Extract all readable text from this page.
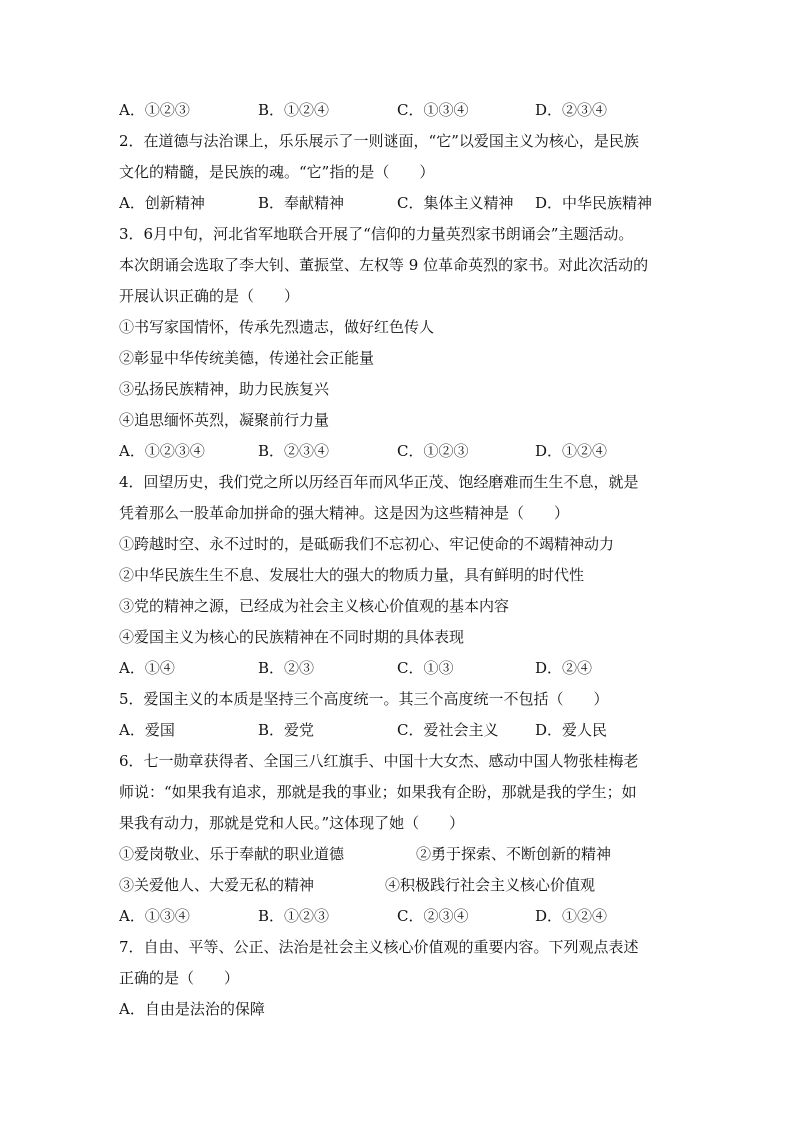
A．①②③	B．①②④	C．①③④	D．②③④
2．在道德与法治课上，乐乐展示了一则谜面，“它”以爱国主义为核心，是民族
文化的精髓，是民族的魂。“它”指的是（　　）
A．创新精神	B．奉献精神	C．集体主义精神 D．中华民族精神
3．6月中旬，河北省军地联合开展了“信仰的力量英烈家书朗诵会”主题活动。
本次朗诵会选取了李大钊、董振堂、左权等 9 位革命英烈的家书。对此次活动的
开展认识正确的是（　　）
①书写家国情怀，传承先烈遗志，做好红色传人
②彰显中华传统美德，传递社会正能量
③弘扬民族精神，助力民族复兴
④追思缅怀英烈，凝聚前行力量
A．①②③④	B．②③④	C．①②③	D．①②④
4．回望历史，我们党之所以历经百年而风华正茂、饱经磨难而生生不息，就是
凭着那么一股革命加拼命的强大精神。这是因为这些精神是（　　）
①跨越时空、永不过时的，是砥砺我们不忘初心、牢记使命的不竭精神动力
②中华民族生生不息、发展壮大的强大的物质力量，具有鲜明的时代性
③党的精神之源，已经成为社会主义核心价值观的基本内容
④爱国主义为核心的民族精神在不同时期的具体表现
A．①④	B．②③	C．①③	D．②④
5．爱国主义的本质是坚持三个高度统一。其三个高度统一不包括（　　）
A．爱国	B．爱党	C．爱社会主义 D．爱人民
6．七一勋章获得者、全国三八红旗手、中国十大女杰、感动中国人物张桂梅老
师说：“如果我有追求，那就是我的事业；如果我有企盼，那就是我的学生；如
果我有动力，那就是党和人民。”这体现了她（　　）
①爱岗敬业、乐于奉献的职业道德	②勇于探索、不断创新的精神
③关爱他人、大爱无私的精神	④积极践行社会主义核心价值观
A．①③④	B．①②③	C．②③④	D．①②④
7．自由、平等、公正、法治是社会主义核心价值观的重要内容。下列观点表述
正确的是（　　）
A．自由是法治的保障
